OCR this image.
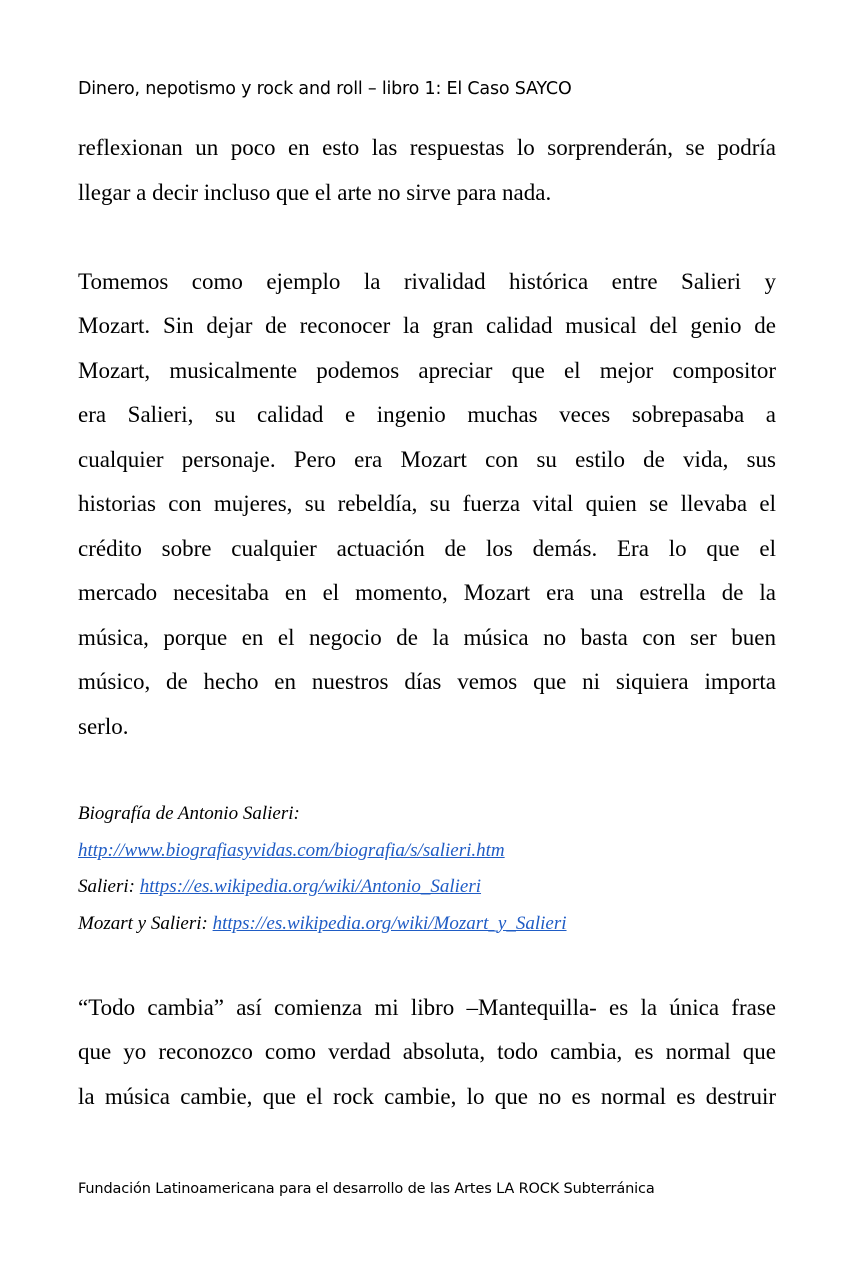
Dinero, nepotismo y rock and roll – libro 1: El Caso SAYCO
reflexionan un poco en esto las respuestas lo sorprenderán, se podría
llegar a decir incluso que el arte no sirve para nada.
Tomemos como ejemplo la rivalidad histórica entre Salieri y
Mozart. Sin dejar de reconocer la gran calidad musical del genio de
Mozart, musicalmente podemos apreciar que el mejor compositor
era Salieri, su calidad e ingenio muchas veces sobrepasaba a
cualquier personaje. Pero era Mozart con su estilo de vida, sus
historias con mujeres, su rebeldía, su fuerza vital quien se llevaba el
crédito sobre cualquier actuación de los demás. Era lo que el
mercado necesitaba en el momento, Mozart era una estrella de la
música, porque en el negocio de la música no basta con ser buen
músico, de hecho en nuestros días vemos que ni siquiera importa
serlo.
Biografía de Antonio Salieri:
http://www.biografiasyvidas.com/biografia/s/salieri.htm
Salieri: https://es.wikipedia.org/wiki/Antonio_Salieri
Mozart y Salieri: https://es.wikipedia.org/wiki/Mozart_y_Salieri
“Todo cambia” así comienza mi libro –Mantequilla- es la única frase
que yo reconozco como verdad absoluta, todo cambia, es normal que
la música cambie, que el rock cambie, lo que no es normal es destruir
Fundación Latinoamericana para el desarrollo de las Artes LA ROCK Subterránica
